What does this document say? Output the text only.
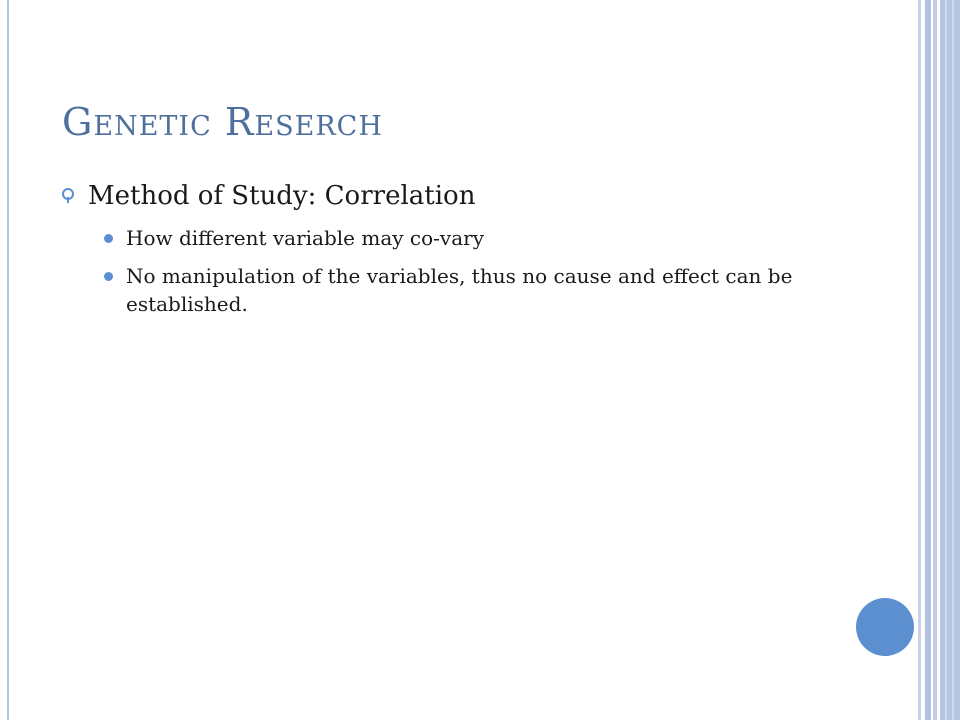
Genetic Reserch
Method of Study: Correlation
How different variable may co-vary
No manipulation of the variables, thus no cause and effect can be established.
